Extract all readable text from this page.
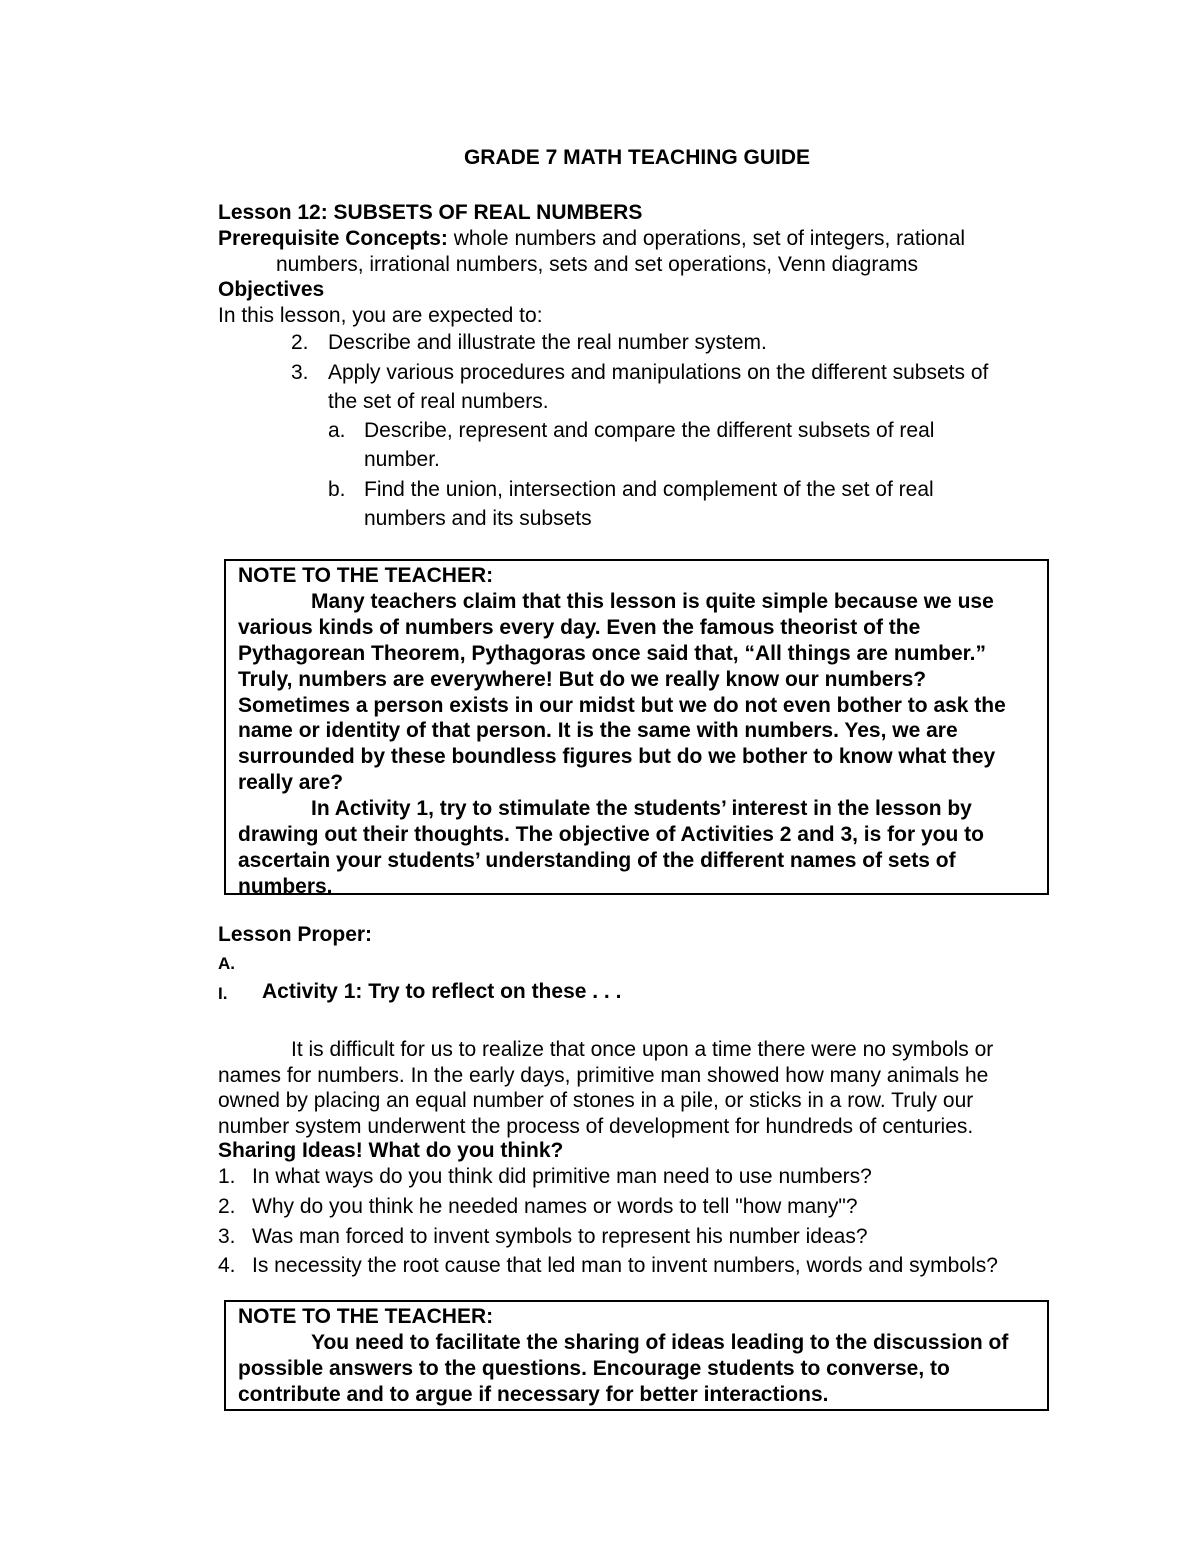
GRADE 7 MATH TEACHING GUIDE
Lesson 12: SUBSETS OF REAL NUMBERS
Prerequisite Concepts: whole numbers and operations, set of integers, rational
numbers, irrational numbers, sets and set operations, Venn diagrams
Objectives
In this lesson, you are expected to:
2. Describe and illustrate the real number system.
3. Apply various procedures and manipulations on the different subsets of
the set of real numbers.
a. Describe, represent and compare the different subsets of real
number.
b. Find the union, intersection and complement of the set of real
numbers and its subsets

NOTE TO THE TEACHER:

Many teachers claim that this lesson is quite simple because we use various kinds of numbers every day. Even the famous theorist of the Pythagorean Theorem, Pythagoras once said that, “All things are number.” Truly, numbers are everywhere! But do we really know our numbers? Sometimes a person exists in our midst but we do not even bother to ask the name or identity of that person. It is the same with numbers. Yes, we are surrounded by these boundless figures but do we bother to know what they really are?

In Activity 1, try to stimulate the students’ interest in the lesson by drawing out their thoughts. The objective of Activities 2 and 3, is for you to ascertain your students’ understanding of the different names of sets of numbers.

Lesson Proper:
A.
I. Activity 1: Try to reflect on these . . .
It is difficult for us to realize that once upon a time there were no symbols or
names for numbers. In the early days, primitive man showed how many animals he
owned by placing an equal number of stones in a pile, or sticks in a row. Truly our
number system underwent the process of development for hundreds of centuries.
Sharing Ideas! What do you think?
1. In what ways do you think did primitive man need to use numbers?
2. Why do you think he needed names or words to tell "how many"?
3. Was man forced to invent symbols to represent his number ideas?
4. Is necessity the root cause that led man to invent numbers, words and symbols?

NOTE TO THE TEACHER:

You need to facilitate the sharing of ideas leading to the discussion of possible answers to the questions. Encourage students to converse, to contribute and to argue if necessary for better interactions.
